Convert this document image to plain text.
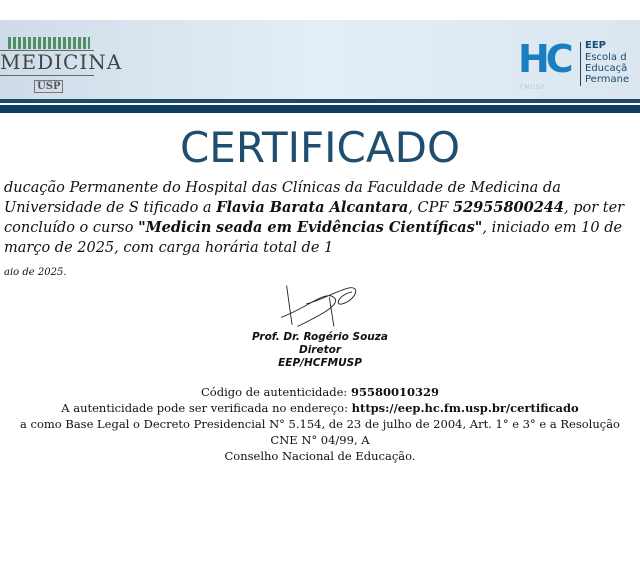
MEDICINA
USP
HC
FMUSP
EEP
Escola d
Educaçã
Permane
CERTIFICADO
ducação Permanente do Hospital das Clínicas da Faculdade de Medicina da Universidade de S tificado a Flavia Barata Alcantara, CPF 52955800244, por ter concluído o curso "Medicin seada em Evidências Científicas", iniciado em 10 de março de 2025, com carga horária total de 1
aio de 2025.
Prof. Dr. Rogério Souza
Diretor
EEP/HCFMUSP
Código de autenticidade: 95580010329
A autenticidade pode ser verificada no endereço: https://eep.hc.fm.usp.br/certificado
a como Base Legal o Decreto Presidencial N° 5.154, de 23 de julho de 2004, Art. 1° e 3° e a Resolução CNE N° 04/99, A
Conselho Nacional de Educação.
